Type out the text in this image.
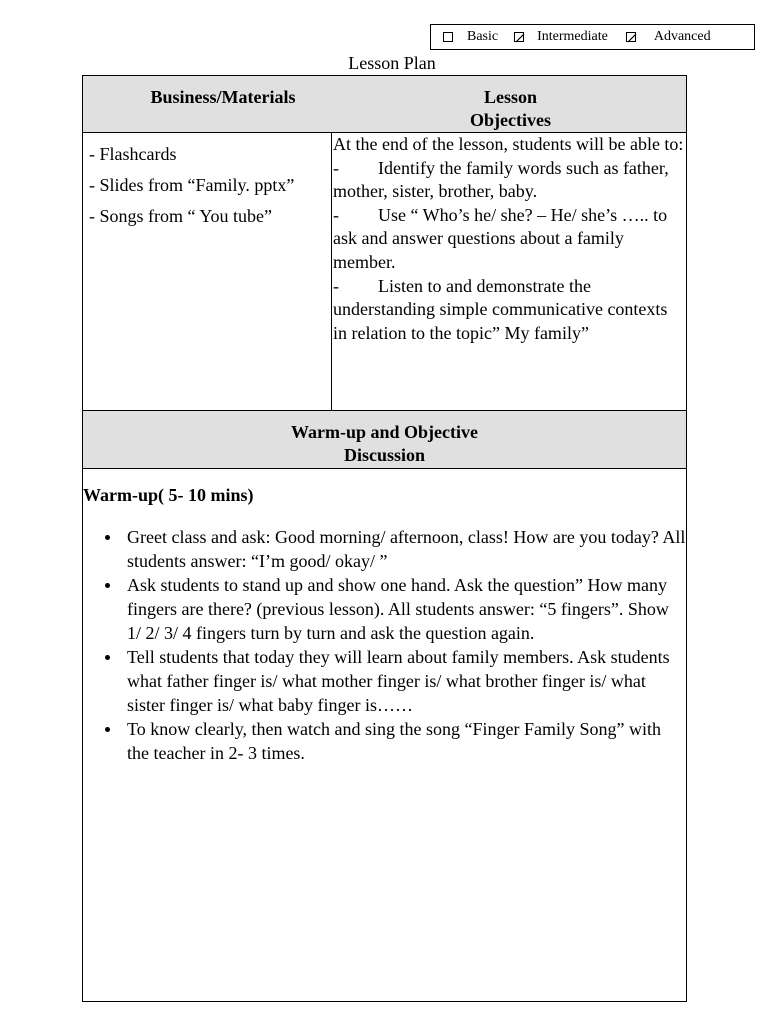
Basic	Intermediate	Advanced
Lesson Plan
Business/Materials	Lesson
Objectives
- Flashcards
- Slides from “Family. pptx”
- Songs from “ You tube”
At the end of the lesson, students will be able to:
- Identify the family words such as father, mother, sister, brother, baby.
- Use “ Who’s he/ she? – He/ she’s ….. to ask and answer questions about a family member.
- Listen to and demonstrate the understanding simple communicative contexts in relation to the topic” My family”
Warm-up and Objective
Discussion
Warm-up( 5- 10 mins)
Greet class and ask: Good morning/ afternoon, class! How are you today? All students answer: “I’m good/ okay/ ”
Ask students to stand up and show one hand. Ask the question” How many fingers are there? (previous lesson). All students answer: “5 fingers”. Show 1/ 2/ 3/ 4 fingers turn by turn and ask the question again.
Tell students that today they will learn about family members. Ask students what father finger is/ what mother finger is/ what brother finger is/ what sister finger is/ what baby finger is……
To know clearly, then watch and sing the song “Finger Family Song” with the teacher in 2- 3 times.
